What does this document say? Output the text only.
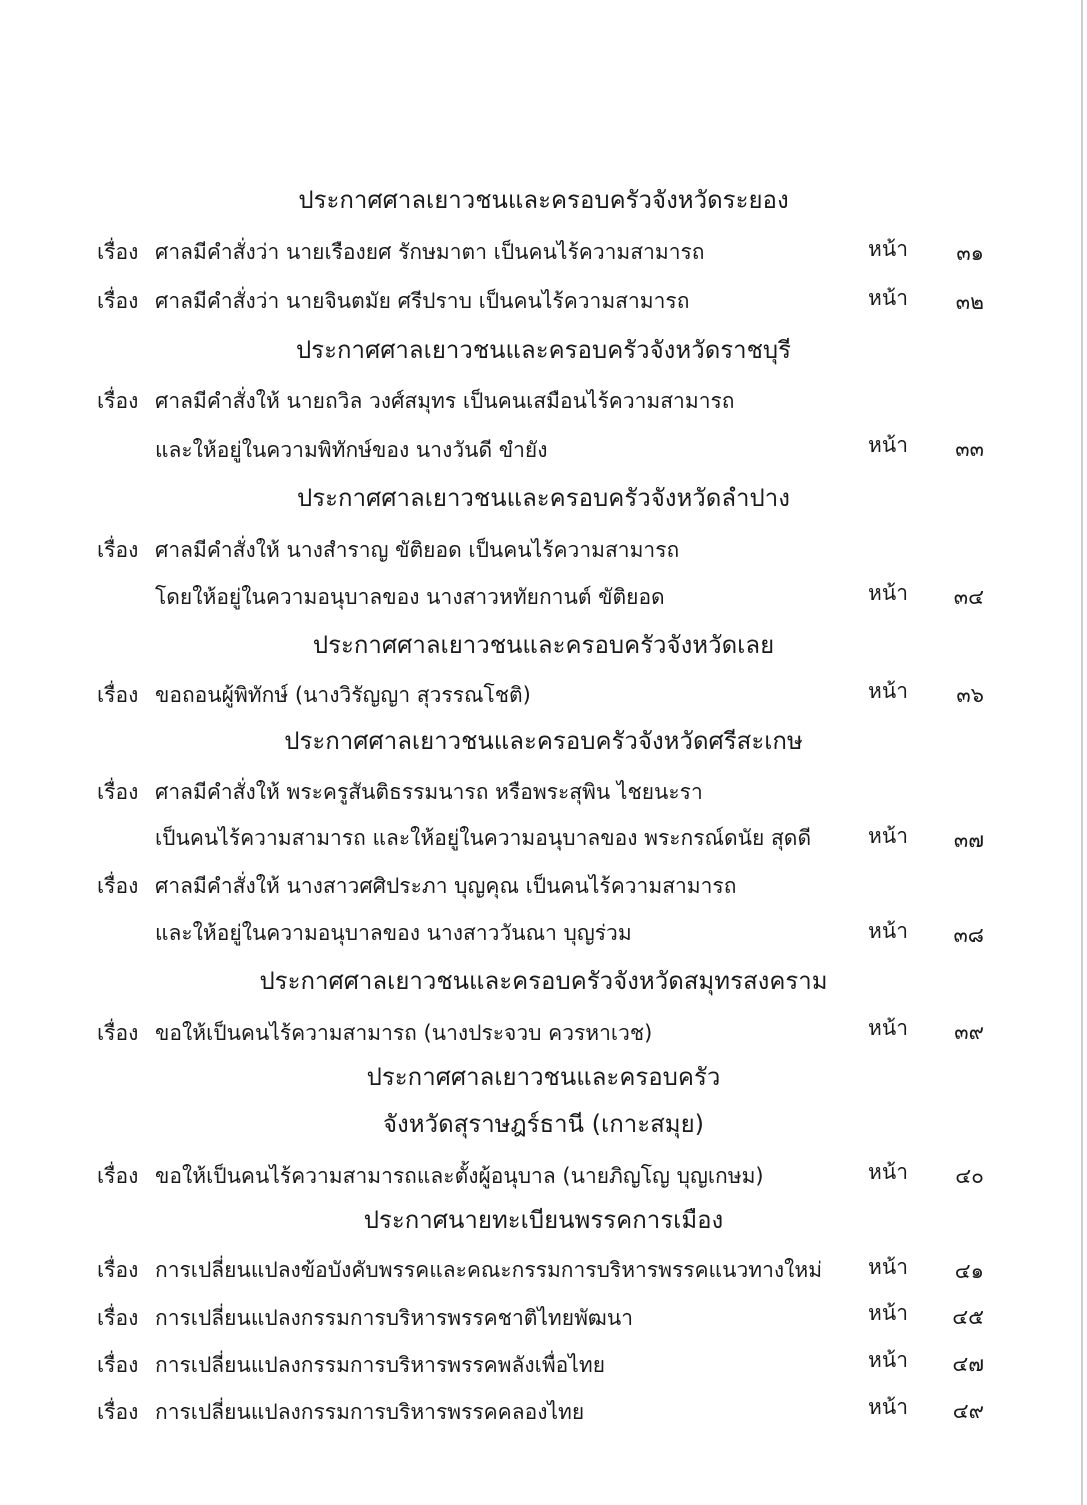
ประกาศศาลเยาวชนและครอบครัวจังหวัดระยอง
เรื่อง ศาลมีคำสั่งว่า นายเรืองยศ รักษมาตา เป็นคนไร้ความสามารถ	หน้า	๓๑
เรื่อง ศาลมีคำสั่งว่า นายจินตมัย ศรีปราบ เป็นคนไร้ความสามารถ	หน้า	๓๒
ประกาศศาลเยาวชนและครอบครัวจังหวัดราชบุรี
เรื่อง ศาลมีคำสั่งให้ นายถวิล วงศ์สมุทร เป็นคนเสมือนไร้ความสามารถ
และให้อยู่ในความพิทักษ์ของ นางวันดี ขำยัง	หน้า	๓๓
ประกาศศาลเยาวชนและครอบครัวจังหวัดลำปาง
เรื่อง ศาลมีคำสั่งให้ นางสำราญ ขัติยอด เป็นคนไร้ความสามารถ
โดยให้อยู่ในความอนุบาลของ นางสาวหทัยกานต์ ขัติยอด	หน้า	๓๔
ประกาศศาลเยาวชนและครอบครัวจังหวัดเลย
เรื่อง ขอถอนผู้พิทักษ์ (นางวิรัญญา สุวรรณโชติ)	หน้า	๓๖
ประกาศศาลเยาวชนและครอบครัวจังหวัดศรีสะเกษ
เรื่อง ศาลมีคำสั่งให้ พระครูสันติธรรมนารถ หรือพระสุพิน ไชยนะรา
เป็นคนไร้ความสามารถ และให้อยู่ในความอนุบาลของ พระกรณ์ดนัย สุดดี	หน้า	๓๗
เรื่อง ศาลมีคำสั่งให้ นางสาวศศิประภา บุญคุณ เป็นคนไร้ความสามารถ
และให้อยู่ในความอนุบาลของ นางสาววันณา บุญร่วม	หน้า	๓๘
ประกาศศาลเยาวชนและครอบครัวจังหวัดสมุทรสงคราม
เรื่อง ขอให้เป็นคนไร้ความสามารถ (นางประจวบ ควรหาเวช)	หน้า	๓๙
ประกาศศาลเยาวชนและครอบครัว
จังหวัดสุราษฎร์ธานี (เกาะสมุย)
เรื่อง ขอให้เป็นคนไร้ความสามารถและตั้งผู้อนุบาล (นายภิญโญ บุญเกษม)	หน้า	๔๐
ประกาศนายทะเบียนพรรคการเมือง
เรื่อง การเปลี่ยนแปลงข้อบังคับพรรคและคณะกรรมการบริหารพรรคแนวทางใหม่ หน้า	๔๑
เรื่อง การเปลี่ยนแปลงกรรมการบริหารพรรคชาติไทยพัฒนา	หน้า	๔๕
เรื่อง การเปลี่ยนแปลงกรรมการบริหารพรรคพลังเพื่อไทย	หน้า	๔๗
เรื่อง การเปลี่ยนแปลงกรรมการบริหารพรรคคลองไทย	หน้า	๔๙
